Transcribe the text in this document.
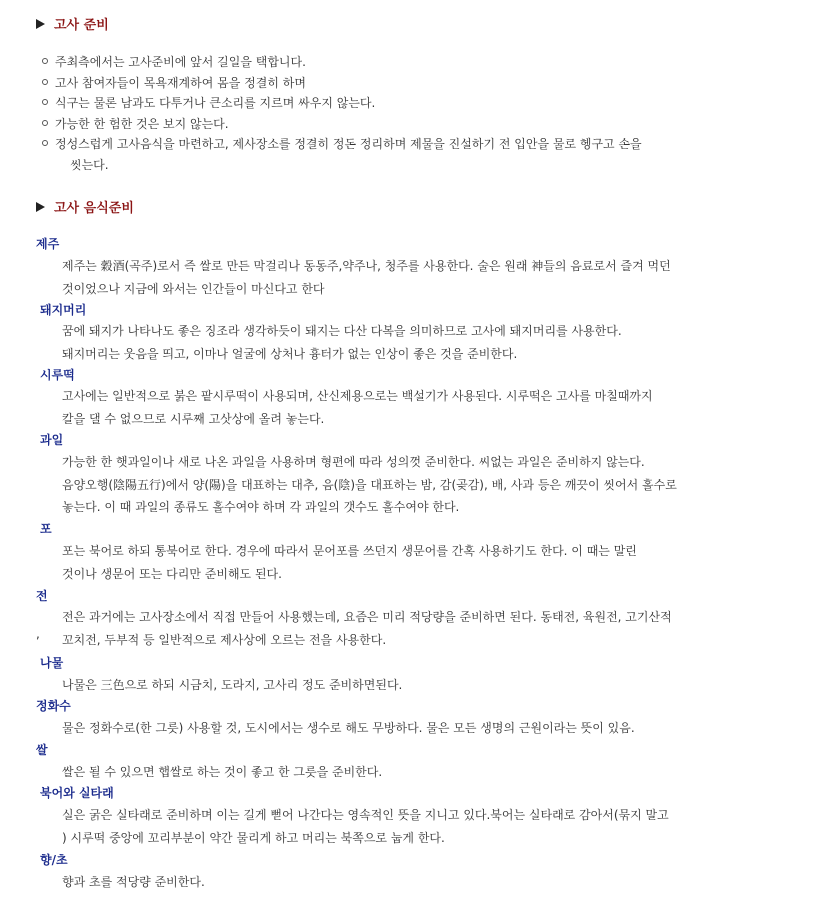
고사 준비
주최측에서는 고사준비에 앞서 길일을 택합니다.
고사 참여자들이 목욕재계하여 몸을 정결히 하며
식구는 물론 남과도 다투거나 큰소리를 지르며 싸우지 않는다.
가능한 한 험한 것은 보지 않는다.
정성스럽게 고사음식을 마련하고, 제사장소를 정결히 정돈 정리하며 제물을 진설하기 전 입안을 물로 헹구고 손을
씻는다.
고사 음식준비
제주
제주는 穀酒(곡주)로서 즉 쌀로 만든 막걸리나 동동주,약주나, 청주를 사용한다. 술은 원래 神들의 음료로서 즐겨 먹던
것이었으나 지금에 와서는 인간들이 마신다고 한다
돼지머리
꿈에 돼지가 나타나도 좋은 징조라 생각하듯이 돼지는 다산 다복을 의미하므로 고사에 돼지머리를 사용한다.
돼지머리는 웃음을 띄고, 이마나 얼굴에 상처나 흉터가 없는 인상이 좋은 것을 준비한다.
시루떡
고사에는 일반적으로 붉은 팥시루떡이 사용되며, 산신제용으로는 백설기가 사용된다. 시루떡은 고사를 마칠때까지
칼을 댈 수 없으므로 시루째 고삿상에 올려 놓는다.
과일
가능한 한 햇과일이나 새로 나온 과일을 사용하며 형편에 따라 성의껏 준비한다. 씨없는 과일은 준비하지 않는다.
음양오행(陰陽五行)에서 양(陽)을 대표하는 대추, 음(陰)을 대표하는 밤, 감(곶감), 배, 사과 등은 깨끗이 씻어서 홀수로
놓는다. 이 때 과일의 종류도 홀수여야 하며 각 과일의 갯수도 홀수여야 한다.
포
포는 북어로 하되 통북어로 한다. 경우에 따라서 문어포를 쓰던지 생문어를 간혹 사용하기도 한다. 이 때는 말린
것이나 생문어 또는 다리만 준비해도 된다.
전
전은 과거에는 고사장소에서 직접 만들어 사용했는데, 요즘은 미리 적당량을 준비하면 된다. 동태전, 육원전, 고기산적
꼬치전, 두부적 등 일반적으로 제사상에 오르는 전을 사용한다.
,
나물
나물은 三色으로 하되 시금치, 도라지, 고사리 정도 준비하면된다.
정화수
물은 정화수로(한 그릇) 사용할 것, 도시에서는 생수로 해도 무방하다. 물은 모든 생명의 근원이라는 뜻이 있음.
쌀
쌀은 될 수 있으면 햅쌀로 하는 것이 좋고 한 그릇을 준비한다.
북어와 실타래
실은 굵은 실타래로 준비하며 이는 길게 뻗어 나간다는 영속적인 뜻을 지니고 있다.북어는 실타래로 감아서(묶지 말고
) 시루떡 중앙에 꼬리부분이 약간 물리게 하고 머리는 북쪽으로 눕게 한다.
향/초
향과 초를 적당량 준비한다.
